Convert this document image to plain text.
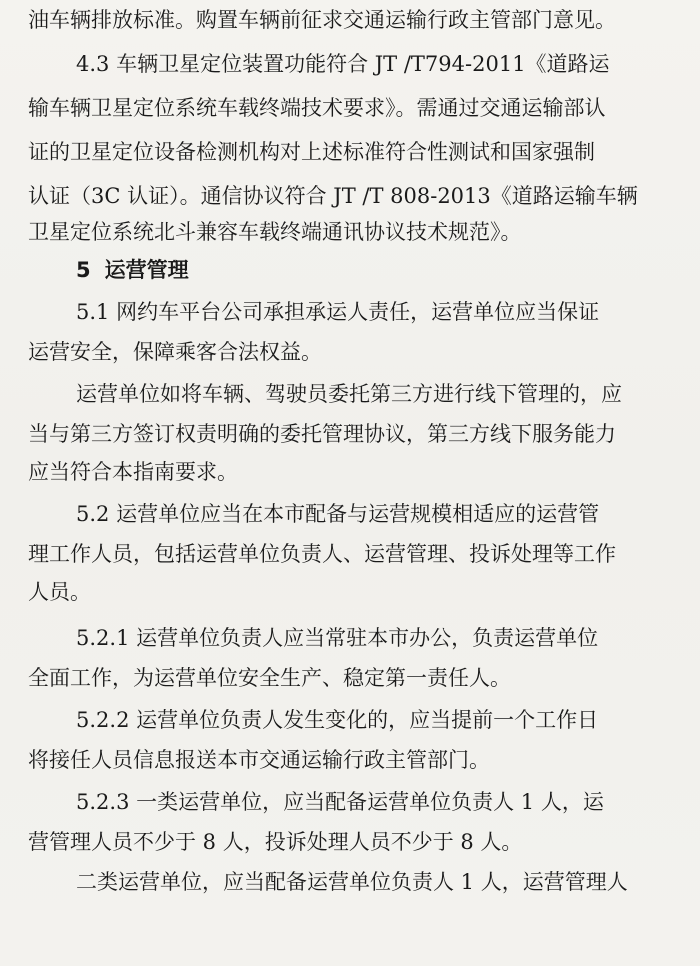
油车辆排放标准。购置车辆前征求交通运输行政主管部门意见。
4.3 车辆卫星定位装置功能符合 JT /T794-2011《道路运
输车辆卫星定位系统车载终端技术要求》。需通过交通运输部认
证的卫星定位设备检测机构对上述标准符合性测试和国家强制
认证（3C 认证）。通信协议符合 JT /T 808-2013《道路运输车辆
卫星定位系统北斗兼容车载终端通讯协议技术规范》。
5 运营管理
5.1 网约车平台公司承担承运人责任，运营单位应当保证
运营安全，保障乘客合法权益。
运营单位如将车辆、驾驶员委托第三方进行线下管理的，应
当与第三方签订权责明确的委托管理协议，第三方线下服务能力
应当符合本指南要求。
5.2 运营单位应当在本市配备与运营规模相适应的运营管
理工作人员，包括运营单位负责人、运营管理、投诉处理等工作
人员。
5.2.1 运营单位负责人应当常驻本市办公，负责运营单位
全面工作，为运营单位安全生产、稳定第一责任人。
5.2.2 运营单位负责人发生变化的，应当提前一个工作日
将接任人员信息报送本市交通运输行政主管部门。
5.2.3 一类运营单位，应当配备运营单位负责人 1 人，运
营管理人员不少于 8 人，投诉处理人员不少于 8 人。
二类运营单位，应当配备运营单位负责人 1 人，运营管理人
